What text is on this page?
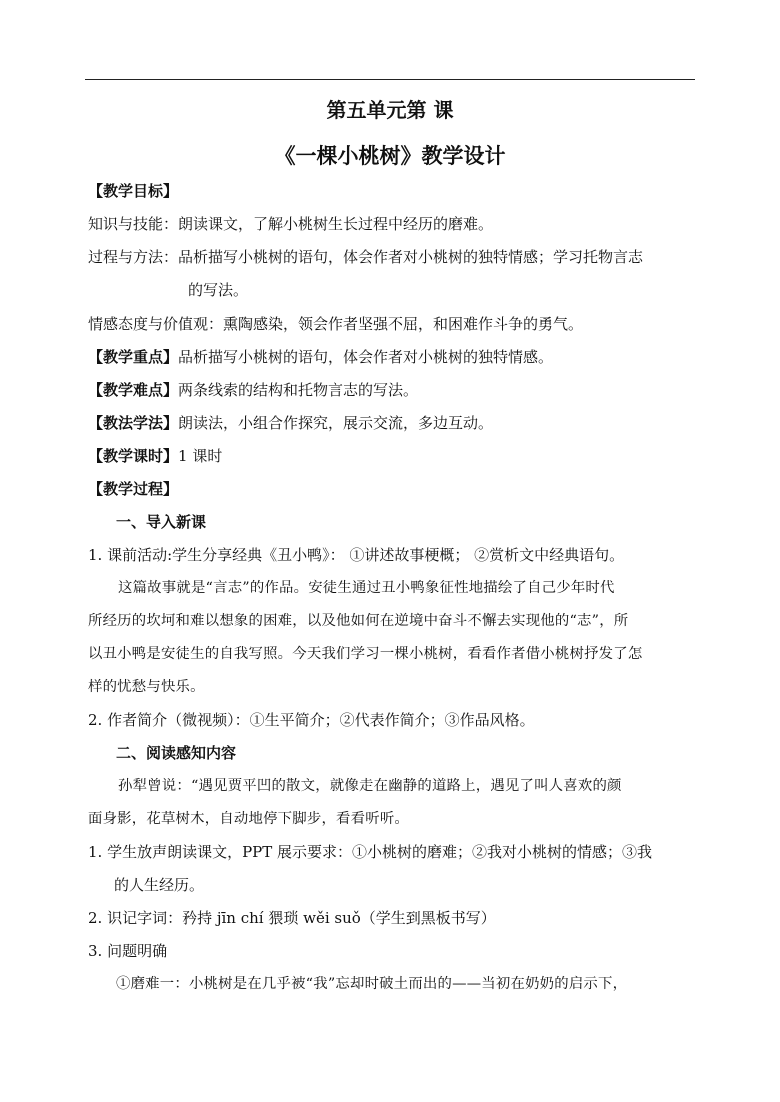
第五单元第 课
《一棵小桃树》教学设计
【教学目标】
知识与技能：朗读课文，了解小桃树生长过程中经历的磨难。
过程与方法：品析描写小桃树的语句，体会作者对小桃树的独特情感；学习托物言志
的写法。
情感态度与价值观：熏陶感染，领会作者坚强不屈，和困难作斗争的勇气。
【教学重点】品析描写小桃树的语句，体会作者对小桃树的独特情感。
【教学难点】两条线索的结构和托物言志的写法。
【教法学法】朗读法，小组合作探究，展示交流，多边互动。
【教学课时】1 课时
【教学过程】
一、导入新课
1. 课前活动:学生分享经典《丑小鸭》： ①讲述故事梗概； ②赏析文中经典语句。
这篇故事就是“言志”的作品。安徒生通过丑小鸭象征性地描绘了自己少年时代
所经历的坎坷和难以想象的困难，以及他如何在逆境中奋斗不懈去实现他的“志”，所
以丑小鸭是安徒生的自我写照。今天我们学习一棵小桃树，看看作者借小桃树抒发了怎
样的忧愁与快乐。
2. 作者简介（微视频）：①生平简介；②代表作简介；③作品风格。
二、阅读感知内容
孙犁曾说：“遇见贾平凹的散文，就像走在幽静的道路上，遇见了叫人喜欢的颜
面身影，花草树木，自动地停下脚步，看看听听。
1. 学生放声朗读课文，PPT 展示要求：①小桃树的磨难；②我对小桃树的情感；③我
的人生经历。
2. 识记字词：矜持 jīn chí 猥琐 wěi suǒ（学生到黑板书写）
3. 问题明确
①磨难一：小桃树是在几乎被“我”忘却时破土而出的——当初在奶奶的启示下，
